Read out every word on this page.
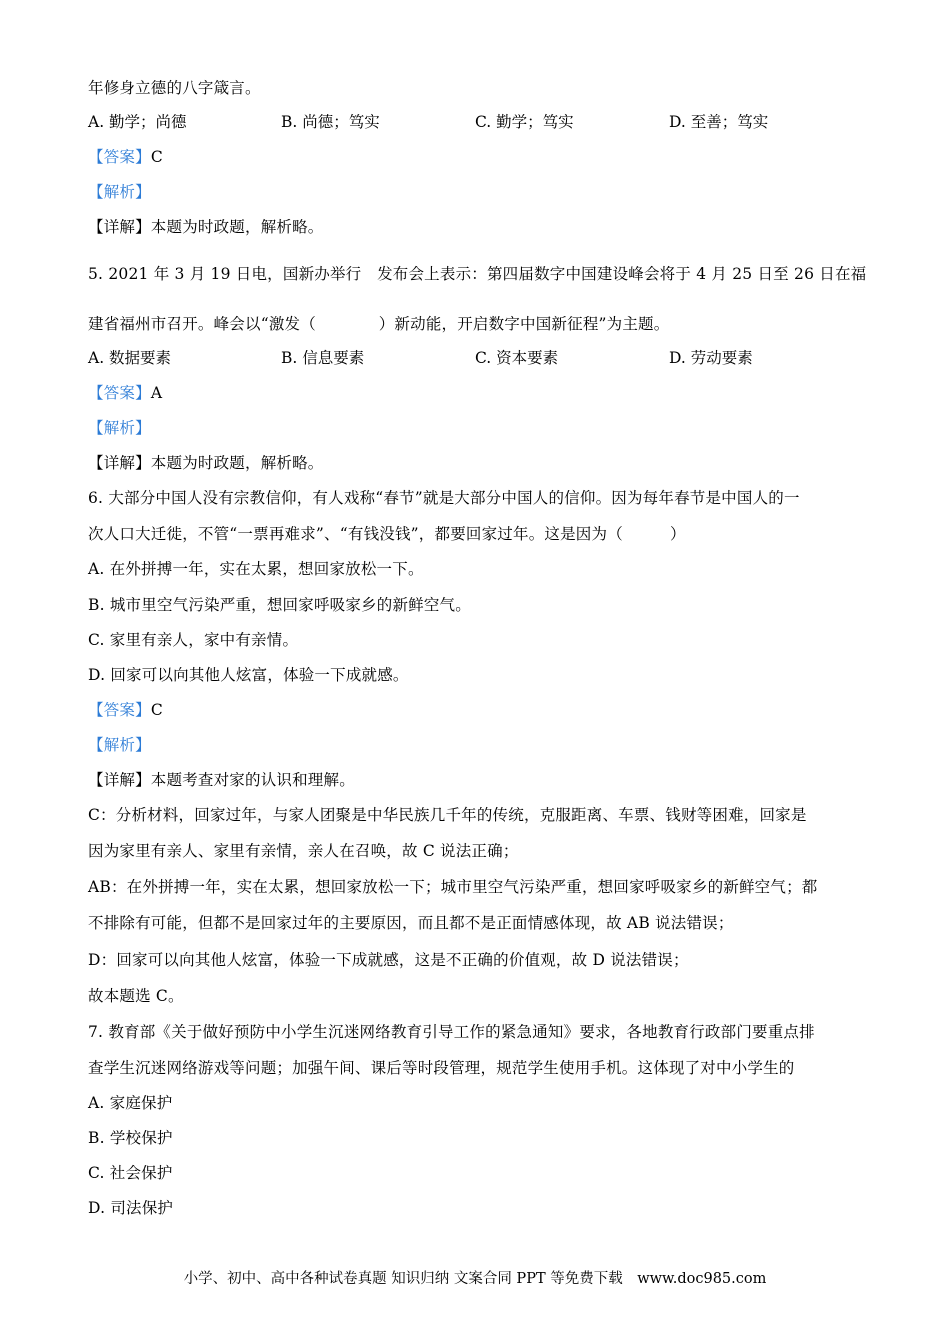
年修身立德的八字箴言。
A. 勤学；尚德	B. 尚德；笃实	C. 勤学；笃实	D. 至善；笃实
【答案】C
【解析】
【详解】本题为时政题，解析略。
5. 2021 年 3 月 19 日电，国新办举行　发布会上表示：第四届数字中国建设峰会将于 4 月 25 日至 26 日在福
建省福州市召开。峰会以“激发（　　　　）新动能，开启数字中国新征程”为主题。
A. 数据要素	B. 信息要素	C. 资本要素	D. 劳动要素
【答案】A
【解析】
【详解】本题为时政题，解析略。
6. 大部分中国人没有宗教信仰，有人戏称“春节”就是大部分中国人的信仰。因为每年春节是中国人的一
次人口大迁徙，不管“一票再难求”、“有钱没钱”，都要回家过年。这是因为（　　　）
A. 在外拼搏一年，实在太累，想回家放松一下。
B. 城市里空气污染严重，想回家呼吸家乡的新鲜空气。
C. 家里有亲人，家中有亲情。
D. 回家可以向其他人炫富，体验一下成就感。
【答案】C
【解析】
【详解】本题考查对家的认识和理解。
C：分析材料，回家过年，与家人团聚是中华民族几千年的传统，克服距离、车票、钱财等困难，回家是
因为家里有亲人、家里有亲情，亲人在召唤，故 C 说法正确；
AB：在外拼搏一年，实在太累，想回家放松一下；城市里空气污染严重，想回家呼吸家乡的新鲜空气；都
不排除有可能，但都不是回家过年的主要原因，而且都不是正面情感体现，故 AB 说法错误；
D：回家可以向其他人炫富，体验一下成就感，这是不正确的价值观，故 D 说法错误；
故本题选 C。
7. 教育部《关于做好预防中小学生沉迷网络教育引导工作的紧急通知》要求，各地教育行政部门要重点排
查学生沉迷网络游戏等问题；加强午间、课后等时段管理，规范学生使用手机。这体现了对中小学生的
A. 家庭保护
B. 学校保护
C. 社会保护
D. 司法保护
小学、初中、高中各种试卷真题 知识归纳 文案合同 PPT 等免费下载　www.doc985.com
